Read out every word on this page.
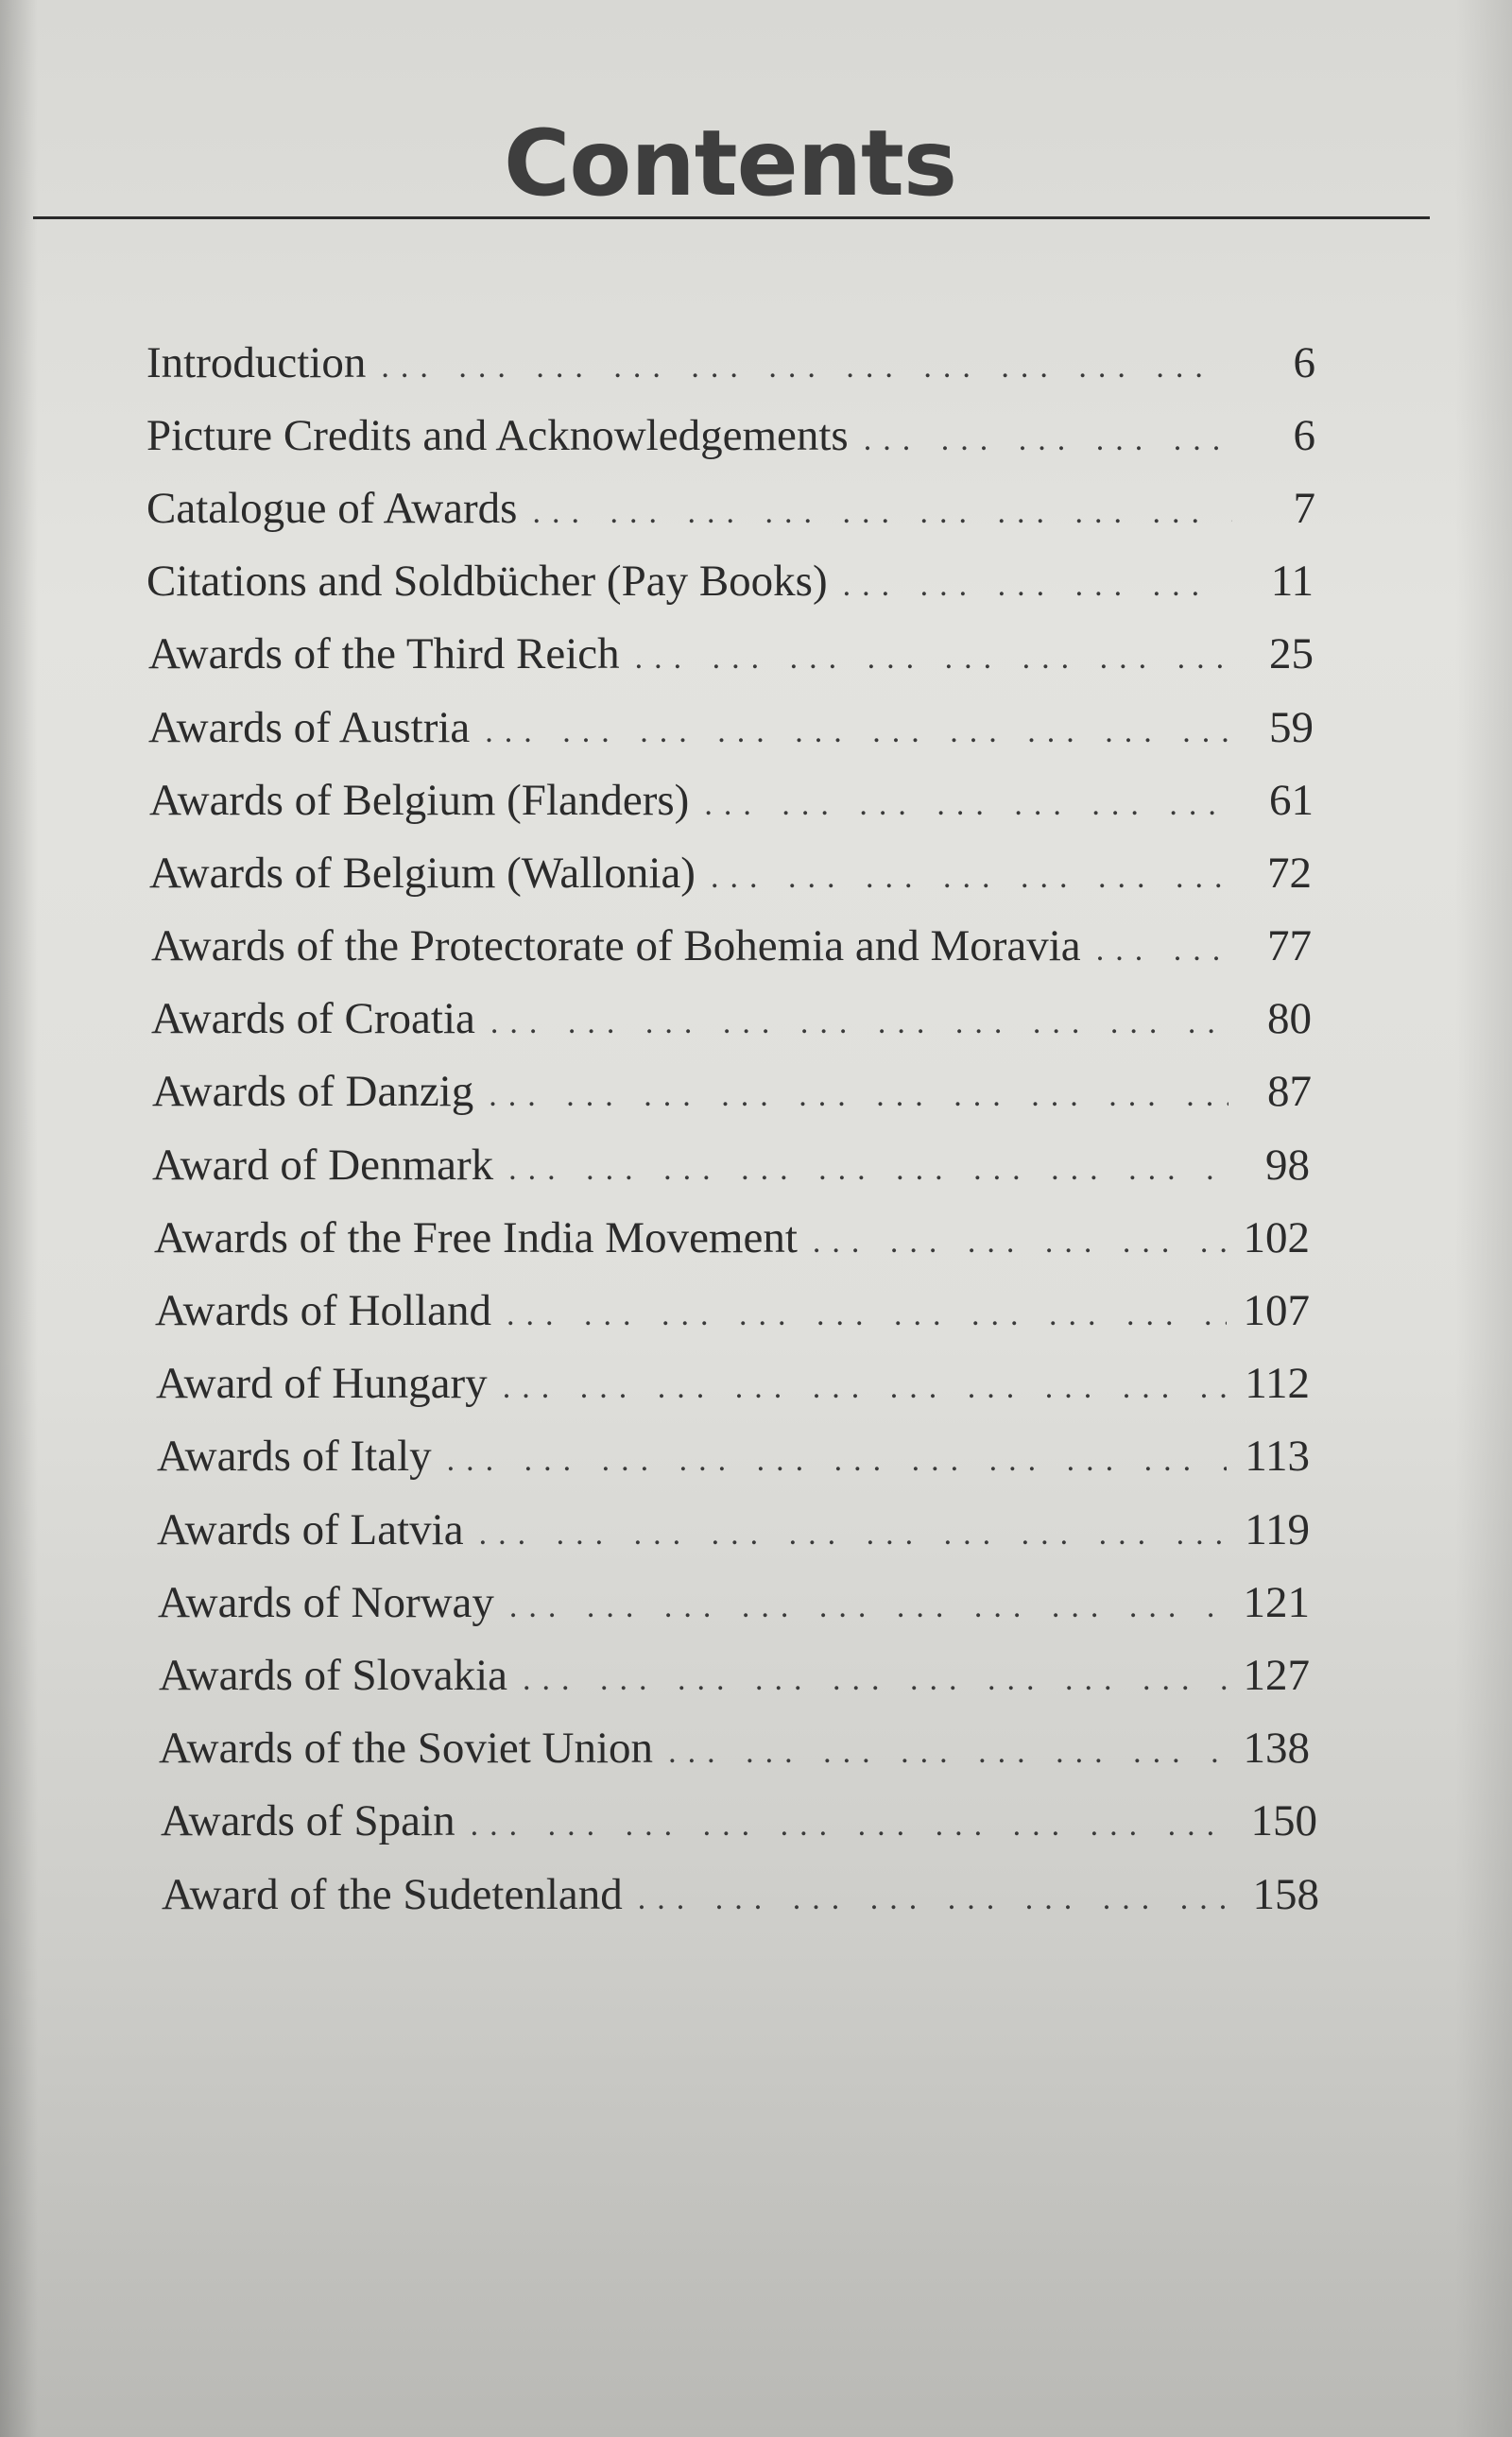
Contents
Introduction ... .	6
Picture Credits and Acknowledgements ... .	6
Catalogue of Awards ... .	7
Citations and Soldbücher (Pay Books) ... .	11
Awards of the Third Reich ... .	25
Awards of Austria ... .	59
Awards of Belgium (Flanders) ... .	61
Awards of Belgium (Wallonia) ... .	72
Awards of the Protectorate of Bohemia and Moravia ... .	77
Awards of Croatia ... .	80
Awards of Danzig ... .	87
Award of Denmark ... .	98
Awards of the Free India Movement ... .	102
Awards of Holland ... .	107
Award of Hungary ... .	112
Awards of Italy ... .	113
Awards of Latvia ... .	119
Awards of Norway ... .	121
Awards of Slovakia ... .	127
Awards of the Soviet Union ... .	138
Awards of Spain ... .	150
Award of the Sudetenland ... .	158
